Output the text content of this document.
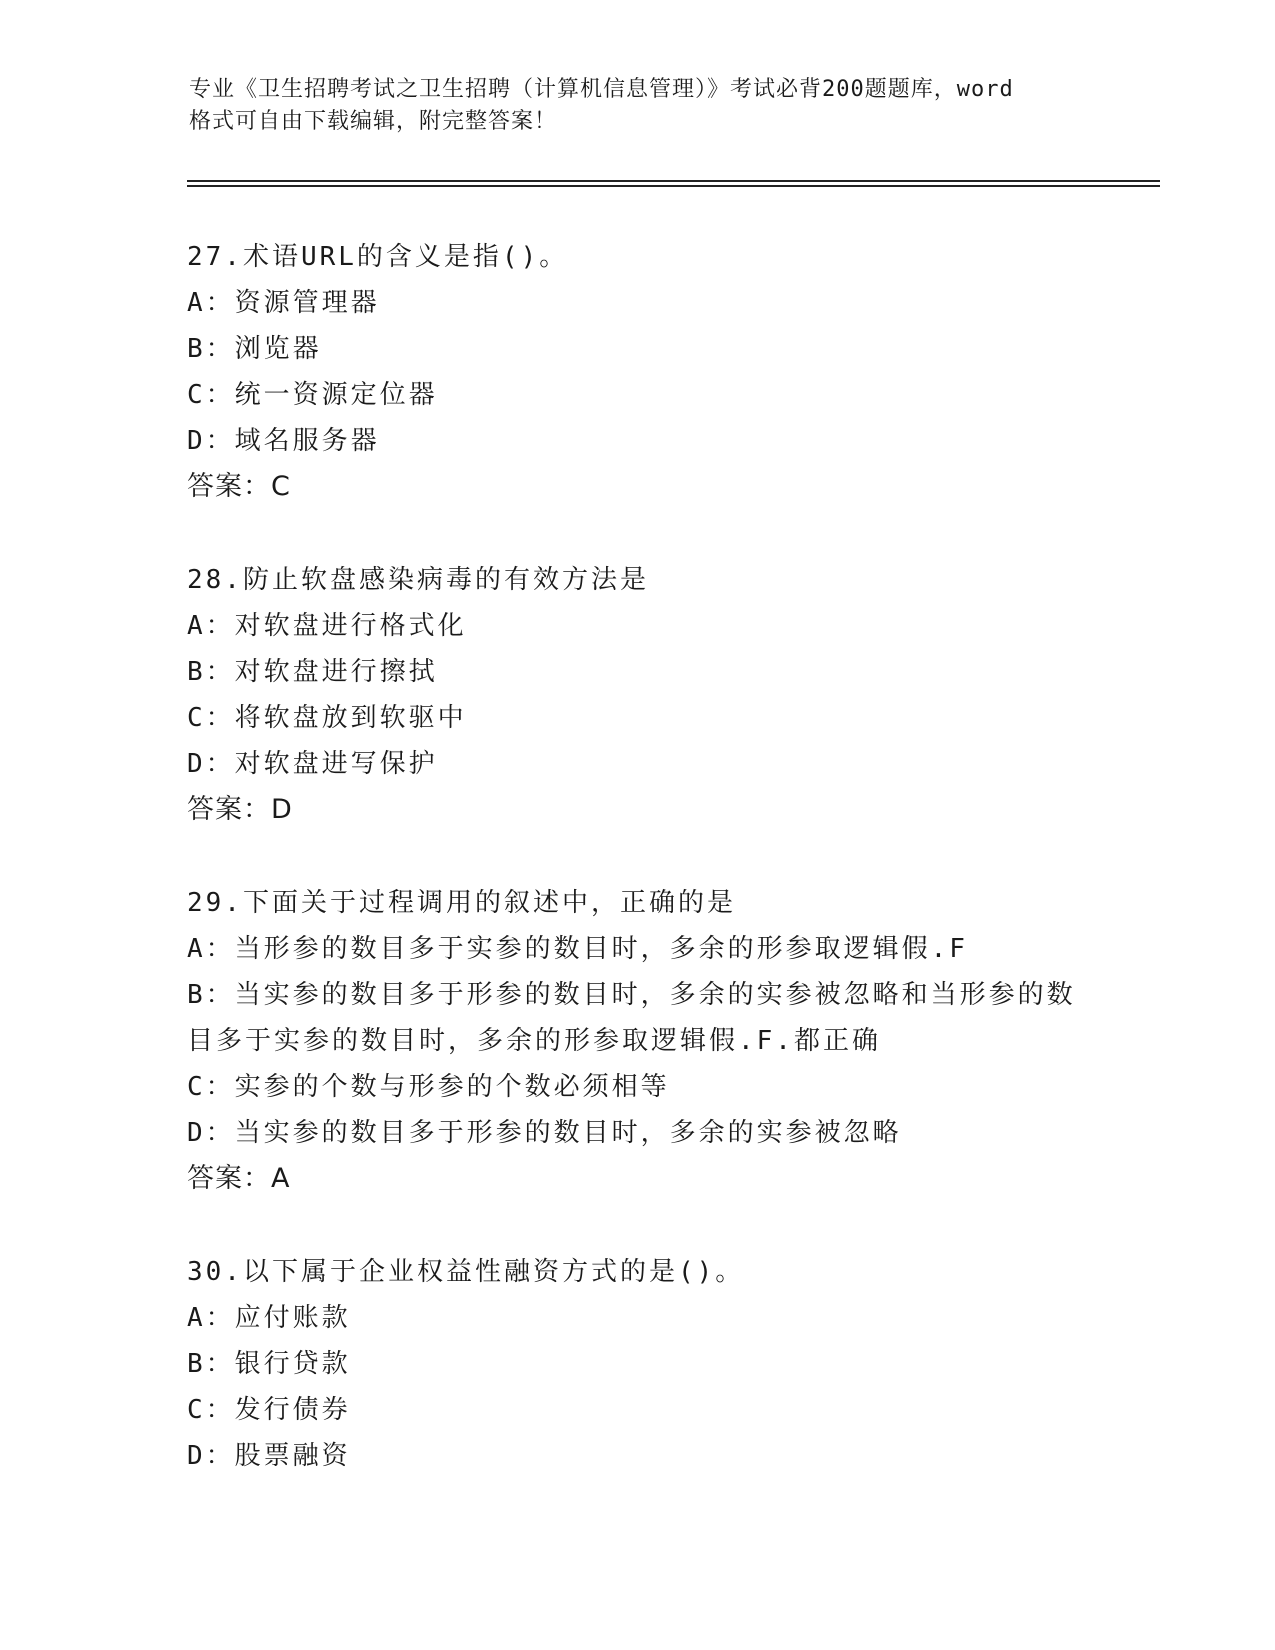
专业《卫生招聘考试之卫生招聘（计算机信息管理）》考试必背200题题库，word
格式可自由下载编辑，附完整答案！
27.术语URL的含义是指()。
A：资源管理器
B：浏览器
C：统一资源定位器
D：域名服务器
答案：C
28.防止软盘感染病毒的有效方法是
A：对软盘进行格式化
B：对软盘进行擦拭
C：将软盘放到软驱中
D：对软盘进写保护
答案：D
29.下面关于过程调用的叙述中，正确的是
A：当形参的数目多于实参的数目时，多余的形参取逻辑假.F
B：当实参的数目多于形参的数目时，多余的实参被忽略和当形参的数
目多于实参的数目时，多余的形参取逻辑假.F.都正确
C：实参的个数与形参的个数必须相等
D：当实参的数目多于形参的数目时，多余的实参被忽略
答案：A
30.以下属于企业权益性融资方式的是()。
A：应付账款
B：银行贷款
C：发行债券
D：股票融资
